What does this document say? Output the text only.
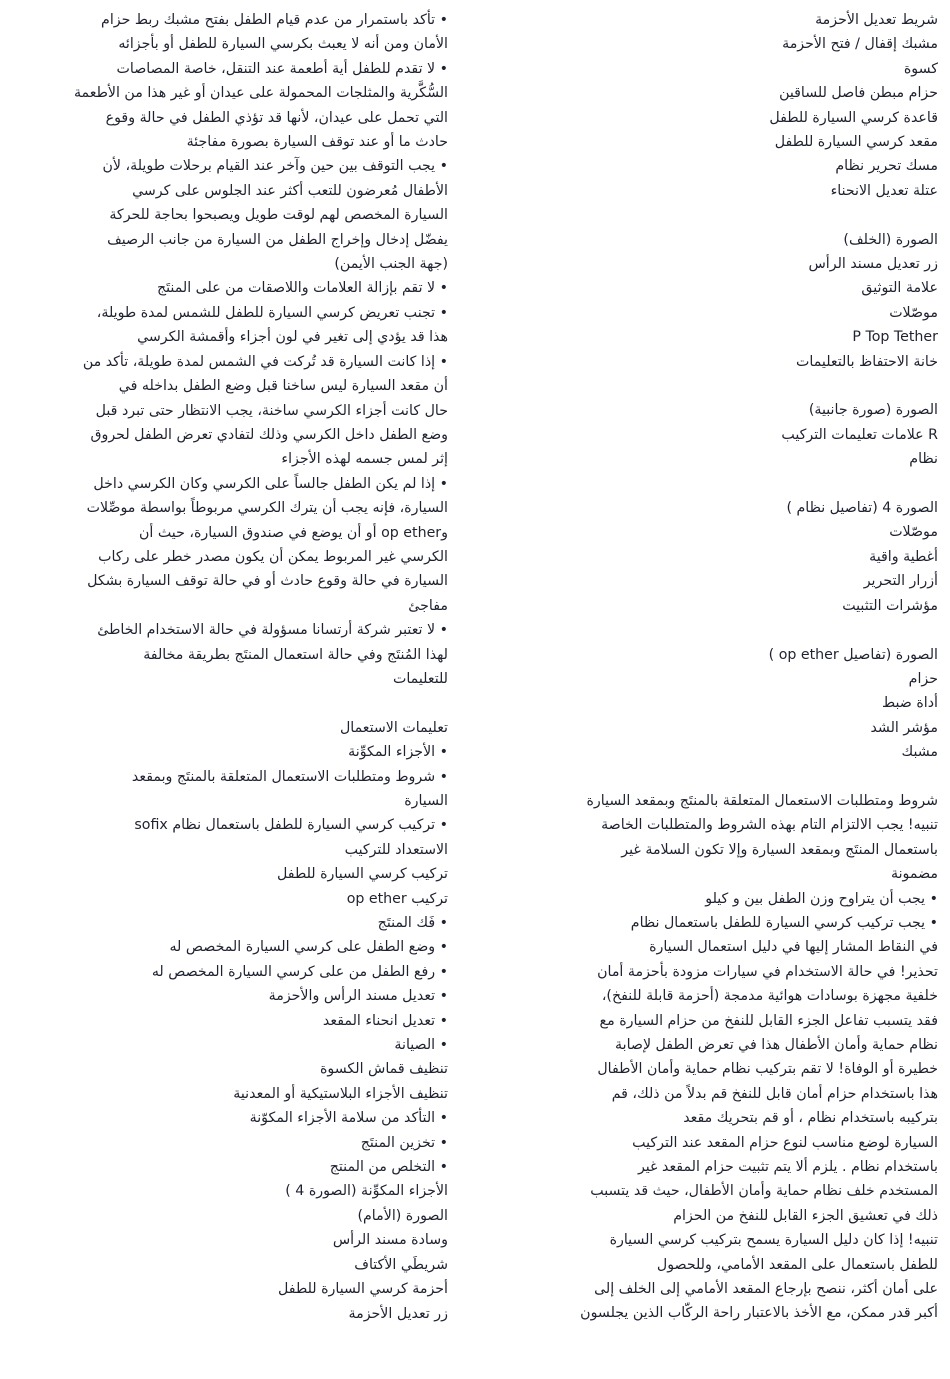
• تأكد باستمرار من عدم قيام الطفل بفتح مشبك ربط حزام

الأمان ومن أنه لا يعبث بكرسي السيارة للطفل أو بأجزائه

• لا تقدم للطفل أية أطعمة عند التنقل، خاصة المصاصات

السُّكَّرية والمثلجات المحمولة على عيدان أو غير هذا من الأطعمة

التي تحمل على عيدان، لأنها قد تؤذي الطفل في حالة وقوع

حادث ما أو عند توقف السيارة بصورة مفاجئة

• يجب التوقف بين حين وآخر عند القيام برحلات طويلة، لأن

الأطفال مُعرضون للتعب أكثر عند الجلوس على كرسي

السيارة المخصص لهم لوقت طويل ويصبحوا بحاجة للحركة

يفضّل إدخال وإخراج الطفل من السيارة من جانب الرصيف

(جهة الجنب الأيمن)

• لا تقم بإزالة العلامات واللاصقات من على المنتَج

• تجنب تعريض كرسي السيارة للطفل للشمس لمدة طويلة،

هذا قد يؤدي إلى تغير في لون أجزاء وأقمشة الكرسي

• إذا كانت السيارة قد تُركت في الشمس لمدة طويلة، تأكد من

أن مقعد السيارة ليس ساخنا قبل وضع الطفل بداخله في

حال كانت أجزاء الكرسي ساخنة، يجب الانتظار حتى تبرد قبل

وضع الطفل داخل الكرسي وذلك لتفادي تعرض الطفل لحروق

إثر لمس جسمه لهذه الأجزاء

• إذا لم يكن الطفل جالساً على الكرسي وكان الكرسي داخل

السيارة، فإنه يجب أن يترك الكرسي مربوطاً بواسطة موصِّلات

وop ether أو أن يوضع في صندوق السيارة، حيث أن

الكرسي غير المربوط يمكن أن يكون مصدر خطر على ركاب

السيارة في حالة وقوع حادث أو في حالة توقف السيارة بشكل

مفاجئ

• لا تعتبر شركة أرتسانا مسؤولة في حالة الاستخدام الخاطئ

لهذا المُنتَج وفي حالة استعمال المنتَج بطريقة مخالفة

للتعليمات

تعليمات الاستعمال

• الأجزاء المكوِّنة

• شروط ومتطلبات الاستعمال المتعلقة بالمنتَج وبمقعد

السيارة

• تركيب كرسي السيارة للطفل باستعمال نظام sofix

الاستعداد للتركيب

تركيب كرسي السيارة للطفل

تركيب op ether

• فَك المنتَج

• وضع الطفل على كرسي السيارة المخصص له

• رفع الطفل من على كرسي السيارة المخصص له

• تعديل مسند الرأس والأحزمة

• تعديل انحناء المقعد

• الصيانة

تنظيف قماش الكسوة

تنظيف الأجزاء البلاستيكية أو المعدنية

• التأكد من سلامة الأجزاء المكوّنة

• تخزين المنتَج

• التخلص من المنتج

الأجزاء المكوِّنة (الصورة 4 )

الصورة (الأمام)

وسادة مسند الرأس

شريطَي الأكتاف

أحزمة كرسي السيارة للطفل

زر تعديل الأحزمة

شريط تعديل الأحزمة

مشبك إقفال / فتح الأحزمة

كسوة

حزام مبطن فاصل للساقين

قاعدة كرسي السيارة للطفل

مقعد كرسي السيارة للطفل

مسك تحرير نظام

عتلة تعديل الانحناء

الصورة (الخلف)

زر تعديل مسند الرأس

علامة التوثيق

موصّلات

P Top Tether

خانة الاحتفاظ بالتعليمات

الصورة (صورة جانبية)

R علامات تعليمات التركيب

نظام

الصورة 4 (تفاصيل نظام )

موصّلات

أغطية واقية

أزرار التحرير

مؤشرات التثبيت

الصورة (تفاصيل op ether )

حزام

أداة ضبط

مؤشر الشد

مشبك

شروط ومتطلبات الاستعمال المتعلقة بالمنتَج وبمقعد السيارة

تنبيه! يجب الالتزام التام بهذه الشروط والمتطلبات الخاصة

باستعمال المنتَج وبمقعد السيارة وإلا تكون السلامة غير

مضمونة

• يجب أن يتراوح وزن الطفل بين و كيلو

• يجب تركيب كرسي السيارة للطفل باستعمال نظام

في النقاط المشار إليها في دليل استعمال السيارة

تحذير! في حالة الاستخدام في سيارات مزودة بأحزمة أمان

خلفية مجهزة بوسادات هوائية مدمجة (أحزمة قابلة للنفخ)،

فقد يتسبب تفاعل الجزء القابل للنفخ من حزام السيارة مع

نظام حماية وأمان الأطفال هذا في تعرض الطفل لإصابة

خطيرة أو الوفاة! لا تقم بتركيب نظام حماية وأمان الأطفال

هذا باستخدام حزام أمان قابل للنفخ قم بدلاً من ذلك، قم

بتركيبه باستخدام نظام ، أو قم بتحريك مقعد

السيارة لوضع مناسب لنوع حزام المقعد عند التركيب

باستخدام نظام . يلزم ألا يتم تثبيت حزام المقعد غير

المستخدم خلف نظام حماية وأمان الأطفال، حيث قد يتسبب

ذلك في تعشيق الجزء القابل للنفخ من الحزام

تنبيه! إذا كان دليل السيارة يسمح بتركيب كرسي السيارة

للطفل باستعمال على المقعد الأمامي، وللحصول

على أمان أكثر، ننصح بإرجاع المقعد الأمامي إلى الخلف إلى

أكبر قدر ممكن، مع الأخذ بالاعتبار راحة الركّاب الذين يجلسون
